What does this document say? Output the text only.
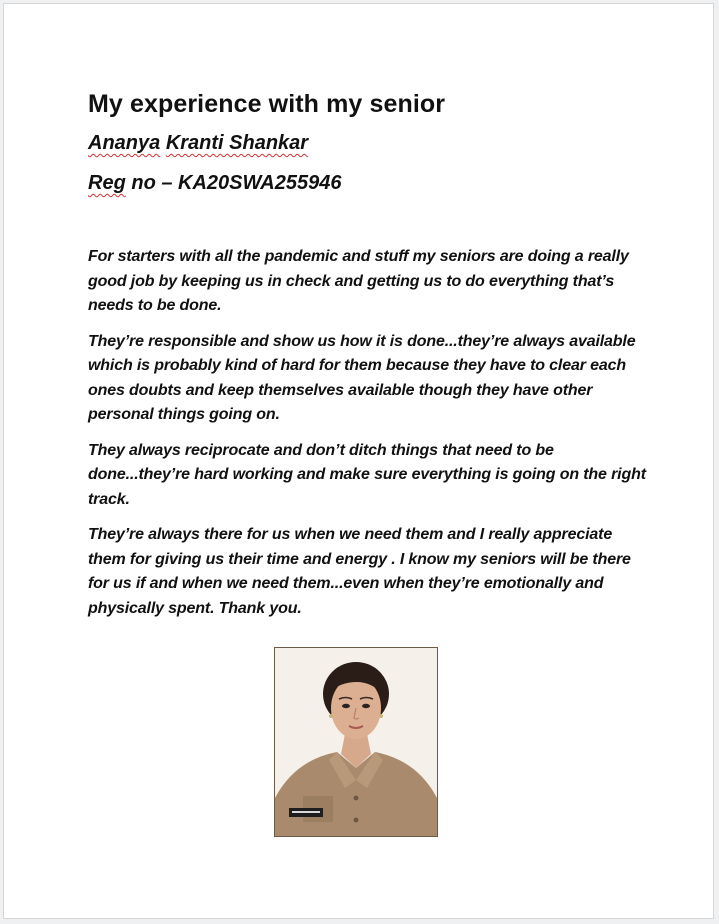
My experience with my senior

Ananya Kranti Shankar

Reg no – KA20SWA255946

For starters with all the pandemic and stuff my seniors are doing a really good job by keeping us in check and getting us to do everything that’s needs to be done.

They’re responsible and show us how it is done...they’re always available which is probably kind of hard for them because they have to clear each ones doubts and keep themselves available though they have other personal things going on.

They always reciprocate and don’t ditch things that need to be done...they’re hard working and make sure everything is going on the right track.

They’re always there for us when we need them and I really appreciate them for giving us their time and energy . I know my seniors will be there for us if and when we need them...even when they’re emotionally and physically spent. Thank you.
